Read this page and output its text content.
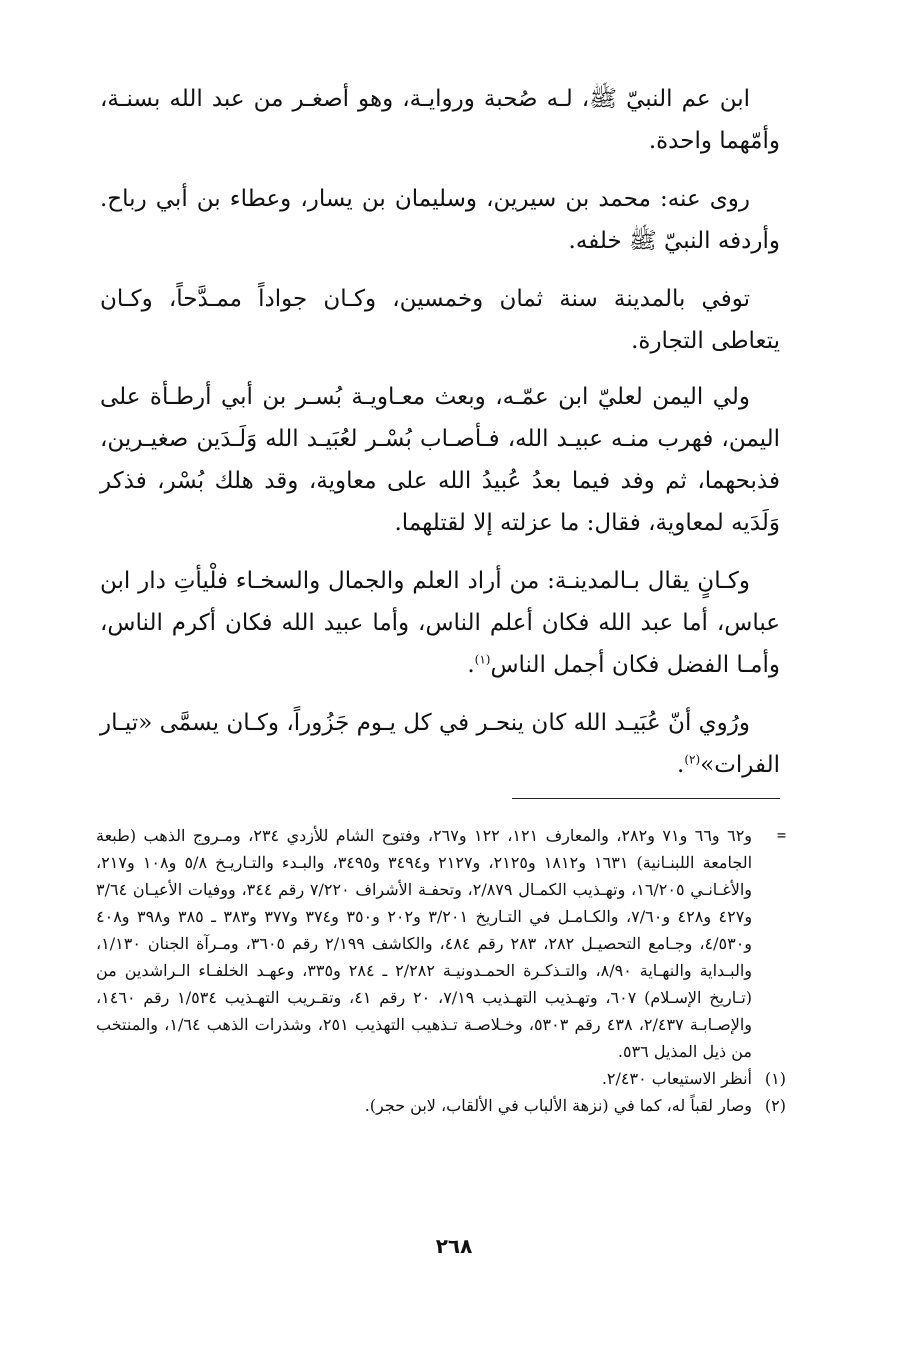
ابن عم النبيّ ﷺ، لـه صُحبة وروايـة، وهو أصغـر من عبد الله بسنـة، وأمّهما واحدة.

روى عنه: محمد بن سيرين، وسليمان بن يسار، وعطاء بن أبي رباح. وأردفه النبيّ ﷺ خلفه.

توفي بالمدينة سنة ثمان وخمسين، وكـان جواداً ممـدَّحاً، وكـان يتعاطى التجارة.

ولي اليمن لعليّ ابن عمّـه، وبعث معـاويـة بُسـر بن أبي أرطـأة على اليمن، فهرب منـه عبيـد الله، فـأصـاب بُسْـر لعُبَيـد الله وَلَـدَين صغيـرين، فذبحهما، ثم وفد فيما بعدُ عُبيدُ الله على معاوية، وقد هلك بُسْر، فذكر وَلَدَيه لمعاوية، فقال: ما عزلته إلا لقتلهما.

وكـانٍ يقال بـالمدينـة: من أراد العلم والجمال والسخـاء فلْيأتِ دار ابن عباس، أما عبد الله فكان أعلم الناس، وأما عبيد الله فكان أكرم الناس، وأمـا الفضل فكان أجمل الناس$^{(١)}$.

ورُوي أنّ عُبَيـد الله كان ينحـر في كل يـوم جَزُوراً، وكـان يسمَّى «تيـار الفرات»$^{(٢)}$.

=
و٦٢ و٦٦ و٧١ و٢٨٢، والمعارف ١٢١، ١٢٢ و٢٦٧، وفتوح الشام للأزدي ٢٣٤، ومـروج الذهب (طبعة الجامعة اللبنـانية) ١٦٣١ و١٨١٢ و٢١٢٥، و٢١٢٧ و٣٤٩٤ و٣٤٩٥، والبـدء والتـاريـخ ٥/٨ و١٠٨ و٢١٧، والأغـانـي ١٦/٢٠٥، وتهـذيب الكمـال ٢/٨٧٩، وتحفـة الأشراف ٧/٢٢٠ رقم ٣٤٤، ووفيات الأعيـان ٣/٦٤ و٤٢٧ و٤٢٨ و٧/٦٠، والكـامـل في التـاريخ ٣/٢٠١ و٢٠٢ و٣٥٠ و٣٧٤ و٣٧٧ و٣٨٣ ـ ٣٨٥ و٣٩٨ و٤٠٨ و٤/٥٣٠، وجـامع التحصيـل ٢٨٢، ٢٨٣ رقم ٤٨٤، والكاشف ٢/١٩٩ رقم ٣٦٠٥، ومـرآة الجنان ١/١٣٠، والبـداية والنهـاية ٨/٩٠، والتـذكـرة الحمـدونيـة ٢/٢٨٢ ـ ٢٨٤ و٣٣٥، وعهـد الخلفـاء الـراشدين من (تـاريخ الإسـلام) ٦٠٧، وتهـذيب التهـذيب ٧/١٩، ٢٠ رقم ٤١، وتقـريب التهـذيب ١/٥٣٤ رقم ١٤٦٠، والإصـابـة ٢/٤٣٧، ٤٣٨ رقم ٥٣٠٣، وخـلاصـة تـذهيب التهذيب ٢٥١، وشذرات الذهب ١/٦٤، والمنتخب من ذيل المذيل ٥٣٦.

(١)
أنظر الاستيعاب ٢/٤٣٠.
(٢)
وصار لقباً له، كما في (نزهة الألباب في الألقاب، لابن حجر).
٢٦٨
